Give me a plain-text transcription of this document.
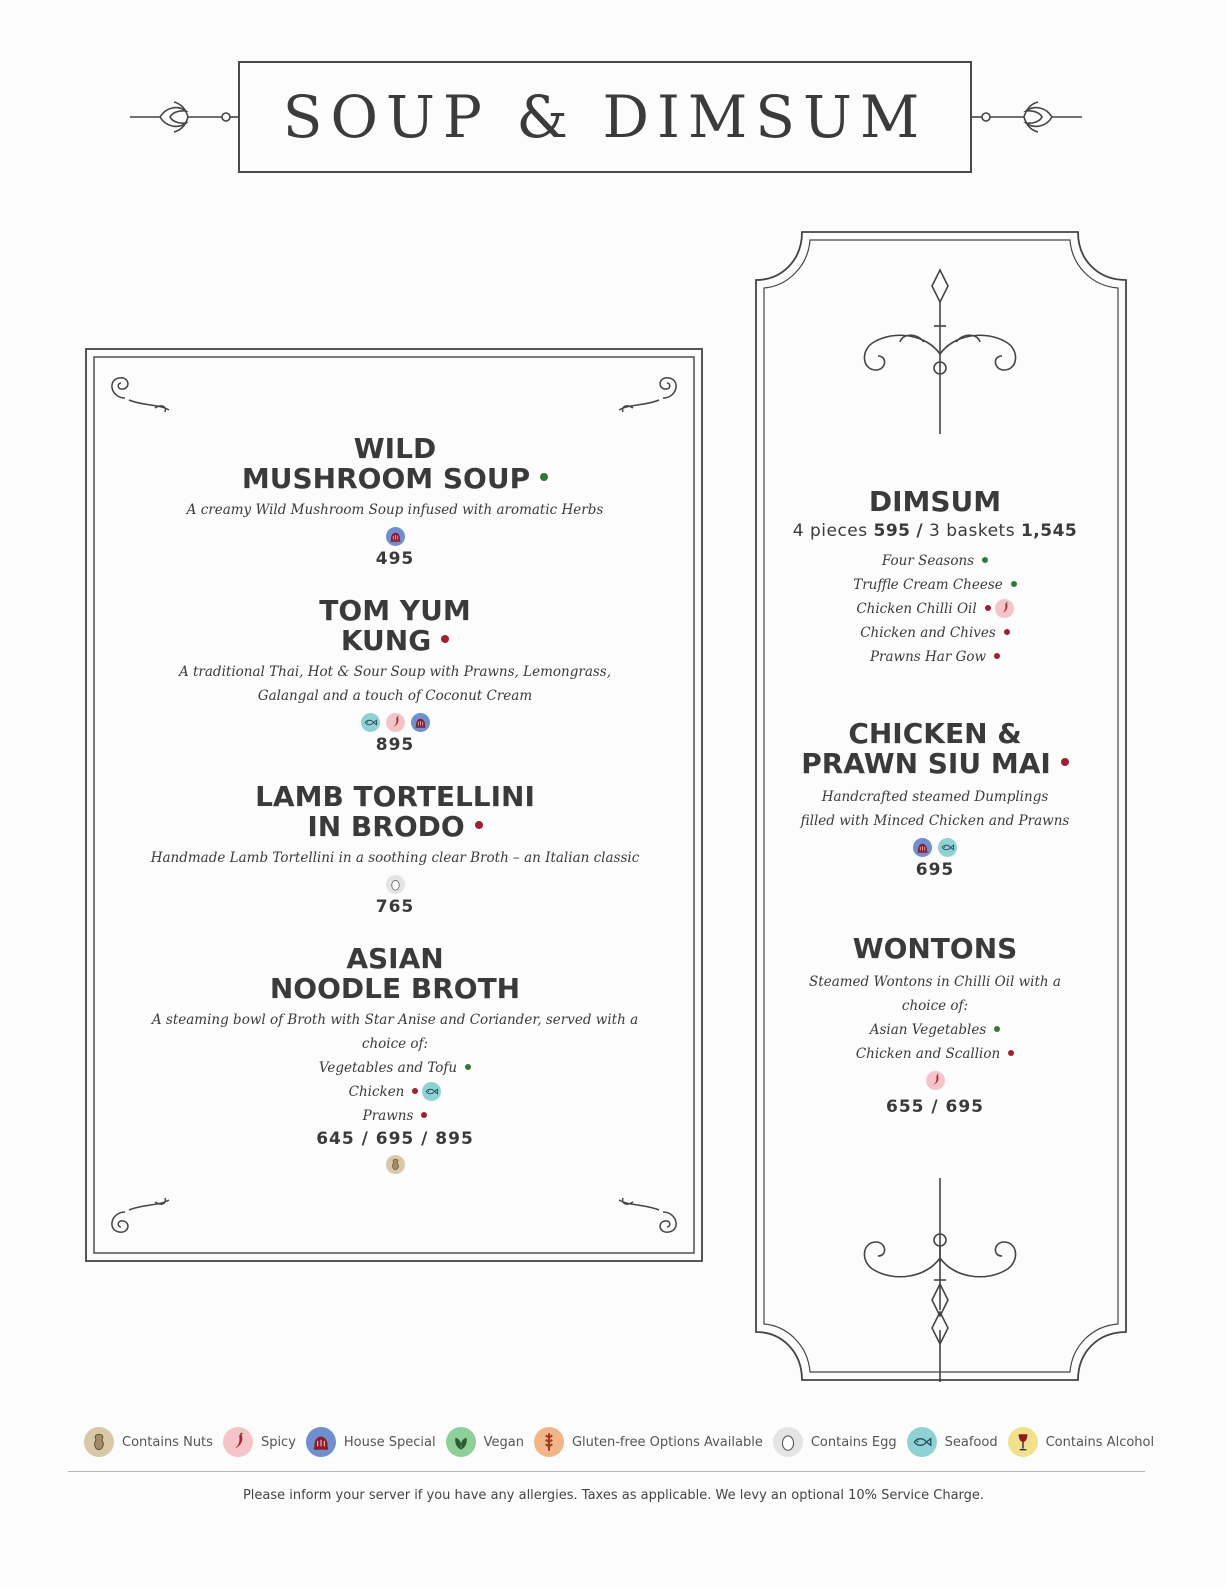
SOUP & DIMSUM
WILD
MUSHROOM SOUP
A creamy Wild Mushroom Soup infused with aromatic Herbs
495
TOM YUM
KUNG
A traditional Thai, Hot & Sour Soup with Prawns, Lemongrass,
Galangal and a touch of Coconut Cream
895
LAMB TORTELLINI
IN BRODO
Handmade Lamb Tortellini in a soothing clear Broth – an Italian classic
765
ASIAN
NOODLE BROTH
A steaming bowl of Broth with Star Anise and Coriander, served with a
choice of:
Vegetables and Tofu
Chicken
Prawns
645 / 695 / 895
DIMSUM
4 pieces 595 / 3 baskets 1,545
Four Seasons
Truffle Cream Cheese
Chicken Chilli Oil
Chicken and Chives
Prawns Har Gow
CHICKEN &
PRAWN SIU MAI
Handcrafted steamed Dumplings
filled with Minced Chicken and Prawns
695
WONTONS
Steamed Wontons in Chilli Oil with a
choice of:
Asian Vegetables
Chicken and Scallion
655 / 695
Contains Nuts	Spicy	House Special	Vegan	Gluten-free Options Available	Contains Egg	Seafood	Contains Alcohol
Please inform your server if you have any allergies. Taxes as applicable. We levy an optional 10% Service Charge.
